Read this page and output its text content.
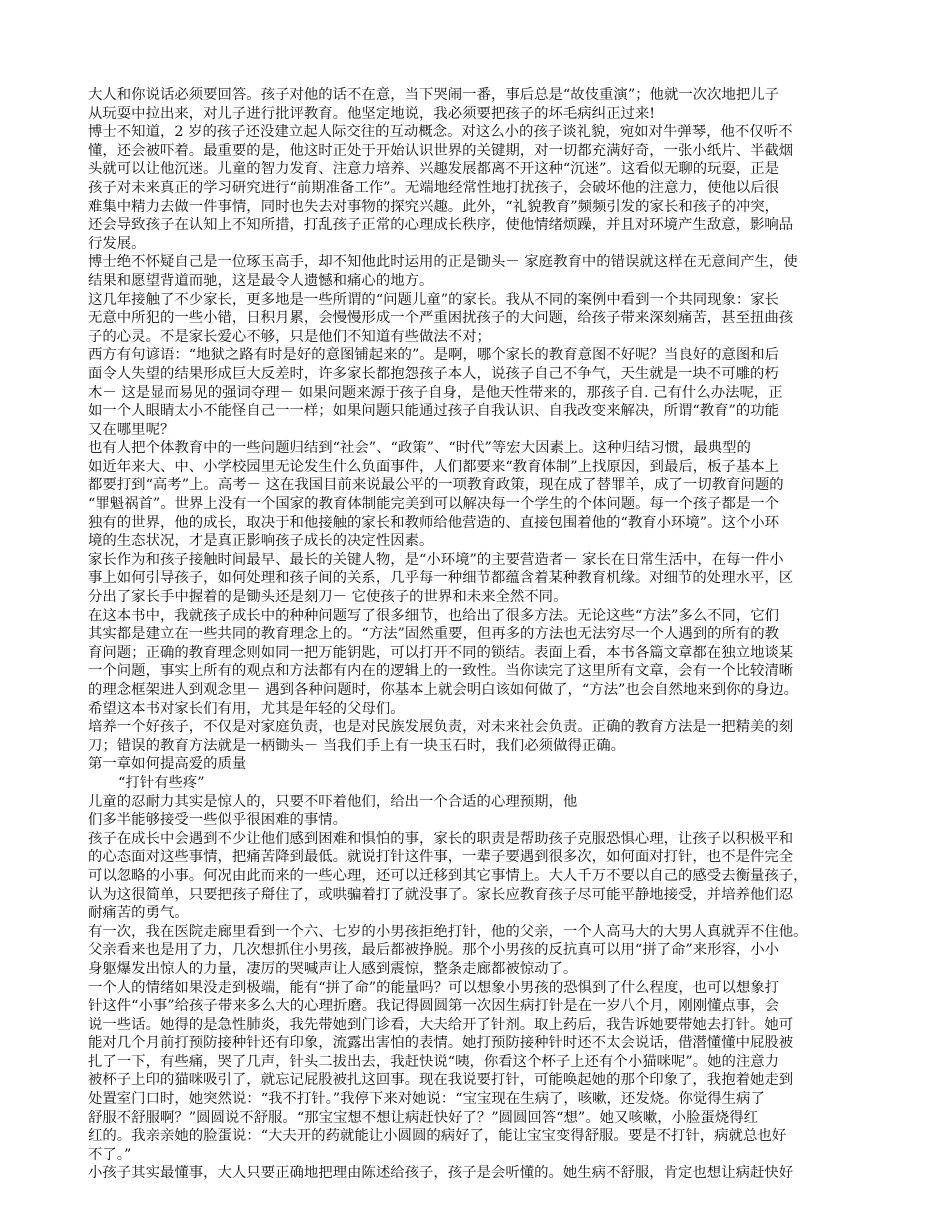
大人和你说话必须要回答。孩子对他的话不在意，当下哭闹一番，事后总是“故伎重演”；他就一次次地把儿子
从玩耍中拉出来，对儿子进行批评教育。他坚定地说，我必须要把孩子的坏毛病纠正过来!
博士不知道，2 岁的孩子还没建立起人际交往的互动概念。对这么小的孩子谈礼貌，宛如对牛弹琴，他不仅听不
懂，还会被吓着。最重要的是，他这时正处于开始认识世界的关键期，对一切都充满好奇，一张小纸片、半截烟
头就可以让他沉迷。儿童的智力发育、注意力培养、兴趣发展都离不开这种“沉迷”。这看似无聊的玩耍，正是
孩子对未来真正的学习研究进行“前期准备工作”。无端地经常性地打扰孩子，会破坏他的注意力，使他以后很
难集中精力去做一件事情，同时也失去对事物的探究兴趣。此外，“礼貌教育”频频引发的家长和孩子的冲突，
还会导致孩子在认知上不知所措，打乱孩子正常的心理成长秩序，使他情绪烦躁，并且对环境产生敌意，影响品
行发展。
博士绝不怀疑自己是一位琢玉高手，却不知他此时运用的正是锄头－ 家庭教育中的错误就这样在无意间产生，使
结果和愿望背道而驰，这是最令人遗憾和痛心的地方。
这几年接触了不少家长，更多地是一些所谓的“问题儿童”的家长。我从不同的案例中看到一个共同现象：家长
无意中所犯的一些小错，日积月累，会慢慢形成一个严重困扰孩子的大问题，给孩子带来深刻痛苦，甚至扭曲孩
子的心灵。不是家长爱心不够，只是他们不知道有些做法不对；
西方有句谚语：“地狱之路有时是好的意图铺起来的”。是啊，哪个家长的教育意图不好呢？当良好的意图和后
面令人失望的结果形成巨大反差时，许多家长都抱怨孩子本人，说孩子自己不争气，天生就是一块不可雕的朽
木－ 这是显而易见的强词夺理－ 如果问题来源于孩子自身，是他天性带来的，那孩子自. 己有什么办法呢，正
如一个人眼睛太小不能怪自己一一样；如果问题只能通过孩子自我认识、自我改变来解决，所谓“教育”的功能
又在哪里呢？
也有人把个体教育中的一些问题归结到“社会”、“政策”、“时代”等宏大因素上。这种归结习惯，最典型的
如近年来大、中、小学校园里无论发生什么负面事件，人们都要来“教育体制”上找原因，到最后，板子基本上
都要打到“高考”上。高考－ 这在我国目前来说最公平的一项教育政策，现在成了替罪羊，成了一切教育问题的
“罪魁祸首”。世界上没有一个国家的教育体制能完美到可以解决每一个学生的个体问题。每一个孩子都是一个
独有的世界，他的成长，取决于和他接触的家长和教师给他营造的、直接包围着他的“教育小环境”。这个小环
境的生态状况，才是真正影响孩子成长的决定性因素。
家长作为和孩子接触时间最早、最长的关键人物，是“小环境”的主要营造者－ 家长在日常生活中，在每一件小
事上如何引导孩子，如何处理和孩子间的关系，几乎每一种细节都蕴含着某种教育机缘。对细节的处理水平，区
分出了家长手中握着的是锄头还是刻刀－ 它使孩子的世界和未来全然不同。
在这本书中，我就孩子成长中的种种问题写了很多细节，也给出了很多方法。无论这些“方法”多么不同，它们
其实都是建立在一些共同的教育理念上的。“方法”固然重要，但再多的方法也无法穷尽一个人遇到的所有的教
育问题；正确的教育理念则如同一把万能钥匙，可以打开不同的锁结。表面上看，本书各篇文章都在独立地谈某
一个问题，事实上所有的观点和方法都有内在的逻辑上的一致性。当你读完了这里所有文章，会有一个比较清晰
的理念框架进人到观念里－ 遇到各种问题时，你基本上就会明白该如何做了，“方法”也会自然地来到你的身边。
希望这本书对家长们有用，尤其是年轻的父母们。
培养一个好孩子，不仅是对家庭负责，也是对民族发展负责，对未来社会负责。正确的教育方法是一把精美的刻
刀；错误的教育方法就是一柄锄头－ 当我们手上有一块玉石时，我们必须做得正确。
第一章如何提高爱的质量
“打针有些疼”
儿童的忍耐力其实是惊人的，只要不吓着他们，给出一个合适的心理预期，他
们多半能够接受一些似乎很困难的事情。
孩子在成长中会遇到不少让他们感到困难和惧怕的事，家长的职责是帮助孩子克服恐惧心理，让孩子以积极平和
的心态面对这些事情，把痛苦降到最低。就说打针这件事，一辈子要遇到很多次，如何面对打针，也不是件完全
可以忽略的小事。何况由此而来的一些心理，还可以迁移到其它事情上。大人千万不要以自己的感受去衡量孩子，
认为这很简单，只要把孩子搿住了，或哄骗着打了就没事了。家长应教育孩子尽可能平静地接受，并培养他们忍
耐痛苦的勇气。
有一次，我在医院走廊里看到一个六、七岁的小男孩拒绝打针，他的父亲，一个人高马大的大男人真就弄不住他。
父亲看来也是用了力，几次想抓住小男孩，最后都被挣脱。那个小男孩的反抗真可以用“拼了命”来形容，小小
身躯爆发出惊人的力量，凄厉的哭喊声让人感到震惊，整条走廊都被惊动了。
一个人的情绪如果没走到极端，能有“拼了命”的能量吗？可以想象小男孩的恐惧到了什么程度，也可以想象打
针这件“小事”给孩子带来多么大的心理折磨。我记得圆圆第一次因生病打针是在一岁八个月，刚刚懂点事，会
说一些话。她得的是急性肺炎，我先带她到门诊看，大夫给开了针剂。取上药后，我告诉她要带她去打针。她可
能对几个月前打预防接种针还有印象，流露出害怕的表情。她打预防接种针时还不太会说话，借潜懂懂中屁股被
扎了一下，有些痛，哭了几声，针头二拔出去，我赶快说“咦，你看这个杯子上还有个小猫咪呢”。她的注意力
被杯子上印的猫咪吸引了，就忘记屁股被扎这回事。现在我说要打针，可能唤起她的那个印象了，我抱着她走到
处置室门口时，她突然说：“我不打针。”我停下来对她说：“宝宝现在生病了，咳嗽，还发烧。你觉得生病了
舒服不舒服啊？”圆圆说不舒服。“那宝宝想不想让病赶快好了？”圆圆回答“想”。她又咳嗽，小脸蛋烧得红
红的。我亲亲她的脸蛋说：“大夫开的药就能让小圆圆的病好了，能让宝宝变得舒服。要是不打针，病就总也好
不了。”
小孩子其实最懂事，大人只要正确地把理由陈述给孩子，孩子是会听懂的。她生病不舒服，肯定也想让病赶快好
